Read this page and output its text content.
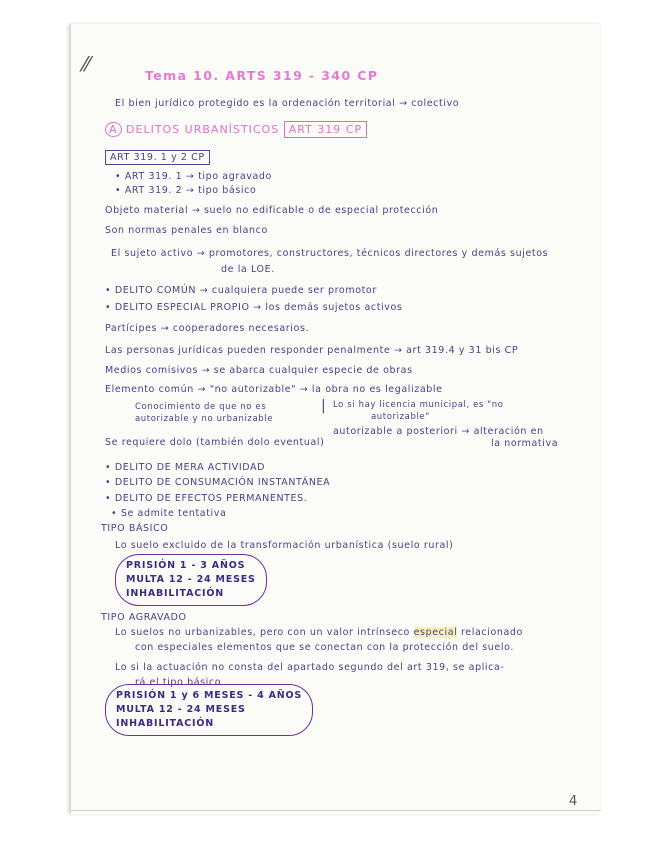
⁄⁄	Tema 10. ARTS 319 - 340 CP
El bien jurídico protegido es la ordenación territorial → colectivo
A DELITOS URBANÍSTICOS ART 319 CP
ART 319. 1 y 2 CP
• ART 319. 1 → tipo agravado
• ART 319. 2 → tipo básico
Objeto material → suelo no edificable o de especial protección
Son normas penales en blanco
El sujeto activo → promotores, constructores, técnicos directores y demás sujetos
de la LOE.
• DELITO COMÚN → cualquiera puede ser promotor
• DELITO ESPECIAL PROPIO → los demás sujetos activos
Partícipes → cooperadores necesarios.
Las personas jurídicas pueden responder penalmente → art 319.4 y 31 bis CP
Medios comisivos → se abarca cualquier especie de obras
Elemento común → "no autorizable" → la obra no es legalizable
Conocimiento de que no es
autorizable y no urbanizable
| Lo si hay licencia municipal, es "no
autorizable"
autorizable a posteriori → alteración en
la normativa
Se requiere dolo (también dolo eventual)
• DELITO DE MERA ACTIVIDAD
• DELITO DE CONSUMACIÓN INSTANTÁNEA
• DELITO DE EFECTOS PERMANENTES.
• Se admite tentativa
TIPO BÁSICO
Lo suelo excluido de la transformación urbanística (suelo rural)
PRISIÓN 1 - 3 AÑOS
MULTA 12 - 24 MESES
INHABILITACIÓN
TIPO AGRAVADO
Lo suelos no urbanizables, pero con un valor intrínseco especial relacionado
con especiales elementos que se conectan con la protección del suelo.
Lo si la actuación no consta del apartado segundo del art 319, se aplica-
rá el tipo básico
PRISIÓN 1 y 6 MESES - 4 AÑOS
MULTA 12 - 24 MESES
INHABILITACIÓN
4
